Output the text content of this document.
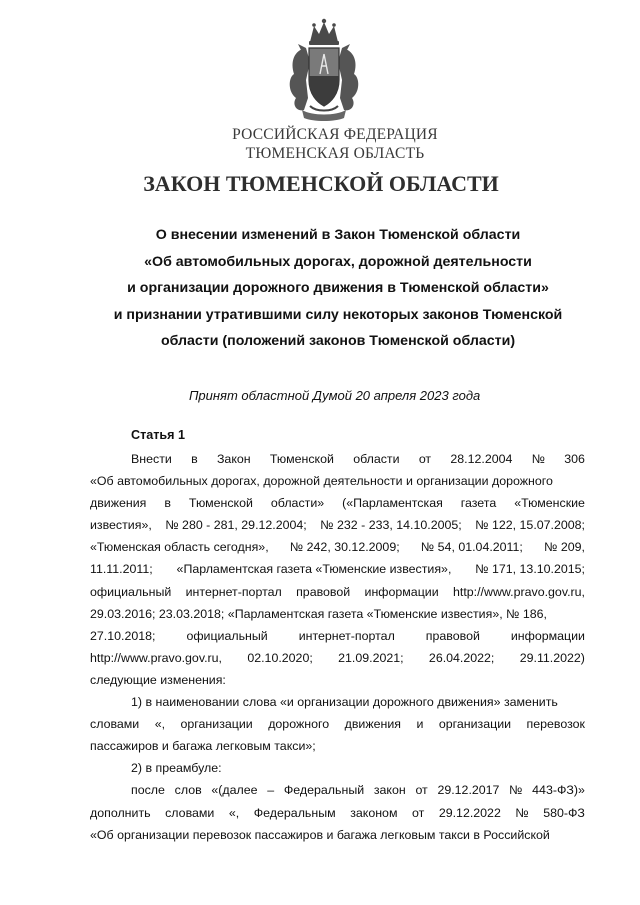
РОССИЙСКАЯ ФЕДЕРАЦИЯ
ТЮМЕНСКАЯ ОБЛАСТЬ
ЗАКОН ТЮМЕНСКОЙ ОБЛАСТИ
О внесении изменений в Закон Тюменской области
«Об автомобильных дорогах, дорожной деятельности
и организации дорожного движения в Тюменской области»
и признании утратившими силу некоторых законов Тюменской
области (положений законов Тюменской области)
Принят областной Думой 20 апреля 2023 года
Статья 1
Внести в Закон Тюменской области от 28.12.2004 № 306
«Об автомобильных дорогах, дорожной деятельности и организации дорожного
движения в Тюменской области» («Парламентская газета «Тюменские
известия», № 280 - 281, 29.12.2004; № 232 - 233, 14.10.2005; № 122, 15.07.2008;
«Тюменская область сегодня», № 242, 30.12.2009; № 54, 01.04.2011; № 209,
11.11.2011; «Парламентская газета «Тюменские известия», № 171, 13.10.2015;
официальный интернет-портал правовой информации http://www.pravo.gov.ru,
29.03.2016; 23.03.2018; «Парламентская газета «Тюменские известия», № 186,
27.10.2018; официальный интернет-портал правовой информации
http://www.pravo.gov.ru, 02.10.2020; 21.09.2021; 26.04.2022; 29.11.2022)
следующие изменения:
1) в наименовании слова «и организации дорожного движения» заменить
словами «, организации дорожного движения и организации перевозок
пассажиров и багажа легковым такси»;
2) в преамбуле:
после слов «(далее – Федеральный закон от 29.12.2017 № 443-ФЗ)»
дополнить словами «, Федеральным законом от 29.12.2022 № 580-ФЗ
«Об организации перевозок пассажиров и багажа легковым такси в Российской
